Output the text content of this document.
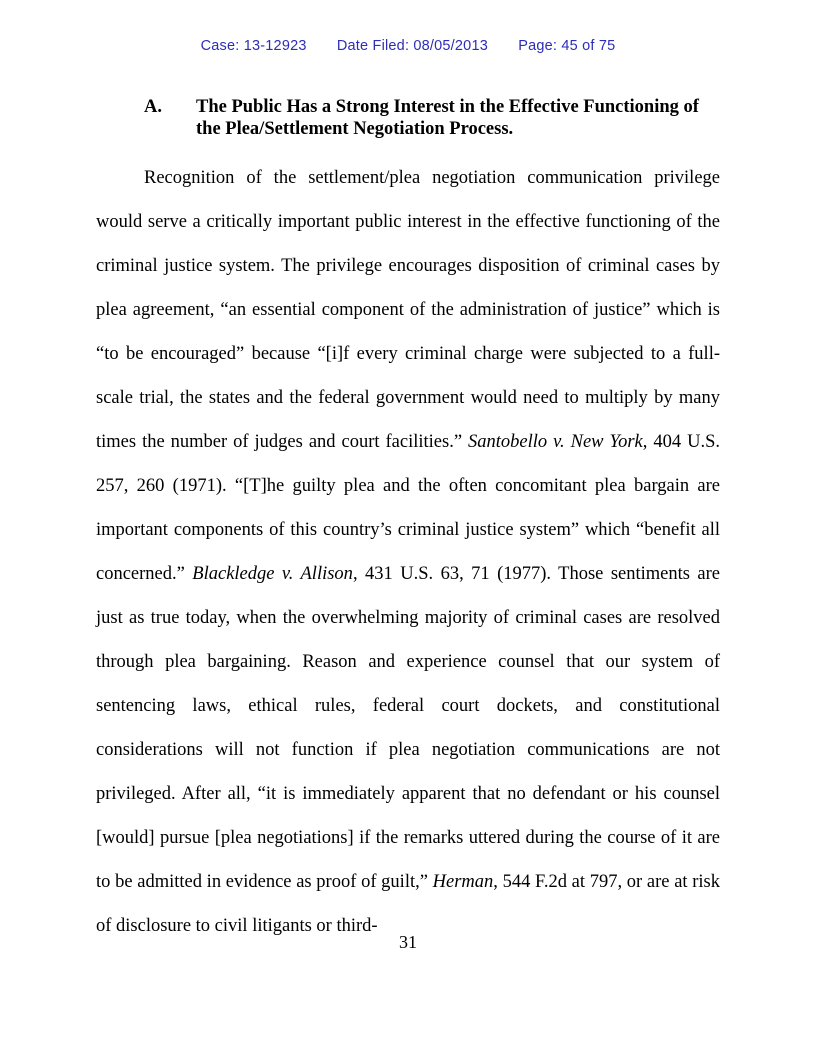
Case: 13-12923 Date Filed: 08/05/2013 Page: 45 of 75
A.	The Public Has a Strong Interest in the Effective Functioning of the Plea/Settlement Negotiation Process.

Recognition of the settlement/plea negotiation communication privilege would serve a critically important public interest in the effective functioning of the criminal justice system. The privilege encourages disposition of criminal cases by plea agreement, “an essential component of the administration of justice” which is “to be encouraged” because “[i]f every criminal charge were subjected to a full-scale trial, the states and the federal government would need to multiply by many times the number of judges and court facilities.” Santobello v. New York, 404 U.S. 257, 260 (1971). “[T]he guilty plea and the often concomitant plea bargain are important components of this country’s criminal justice system” which “benefit all concerned.” Blackledge v. Allison, 431 U.S. 63, 71 (1977). Those sentiments are just as true today, when the overwhelming majority of criminal cases are resolved through plea bargaining. Reason and experience counsel that our system of sentencing laws, ethical rules, federal court dockets, and constitutional considerations will not function if plea negotiation communications are not privileged. After all, “it is immediately apparent that no defendant or his counsel [would] pursue [plea negotiations] if the remarks uttered during the course of it are to be admitted in evidence as proof of guilt,” Herman, 544 F.2d at 797, or are at risk of disclosure to civil litigants or third-

31
